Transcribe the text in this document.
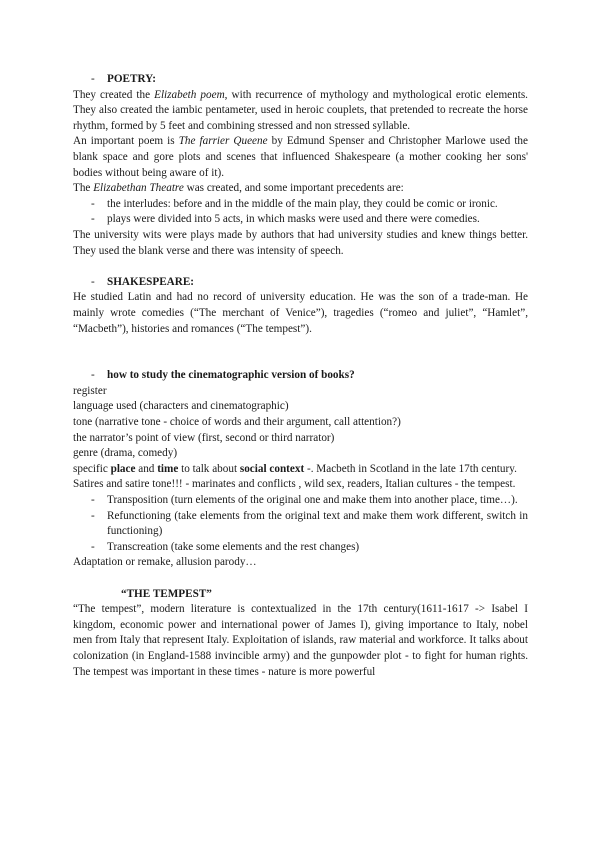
- POETRY:

They created the Elizabeth poem, with recurrence of mythology and mythological erotic elements. They also created the iambic pentameter, used in heroic couplets, that pretended to recreate the horse rhythm, formed by 5 feet and combining stressed and non stressed syllable.

An important poem is The farrier Queene by Edmund Spenser and Christopher Marlowe used the blank space and gore plots and scenes that influenced Shakespeare (a mother cooking her sons' bodies without being aware of it).

The Elizabethan Theatre was created, and some important precedents are:

- the interludes: before and in the middle of the main play, they could be comic or ironic.
- plays were divided into 5 acts, in which masks were used and there were comedies.

The university wits were plays made by authors that had university studies and knew things better. They used the blank verse and there was intensity of speech.

- SHAKESPEARE:

He studied Latin and had no record of university education. He was the son of a trade-man. He mainly wrote comedies (“The merchant of Venice”), tragedies (“romeo and juliet”, “Hamlet”, “Macbeth”), histories and romances (“The tempest”).

- how to study the cinematographic version of books?

register

language used (characters and cinematographic)

tone (narrative tone - choice of words and their argument, call attention?)

the narrator’s point of view (first, second or third narrator)

genre (drama, comedy)

specific place and time to talk about social context -. Macbeth in Scotland in the late 17th century.

Satires and satire tone!!! - marinates and conflicts , wild sex, readers, Italian cultures - the tempest.

- Transposition (turn elements of the original one and make them into another place, time…).
- Refunctioning (take elements from the original text and make them work different, switch in functioning)
- Transcreation (take some elements and the rest changes)

Adaptation or remake, allusion parody…

“THE TEMPEST”

“The tempest”, modern literature is contextualized in the 17th century(1611-1617 -> Isabel I kingdom, economic power and international power of James I), giving importance to Italy, nobel men from Italy that represent Italy. Exploitation of islands, raw material and workforce. It talks about colonization (in England-1588 invincible army) and the gunpowder plot - to fight for human rights. The tempest was important in these times - nature is more powerful
